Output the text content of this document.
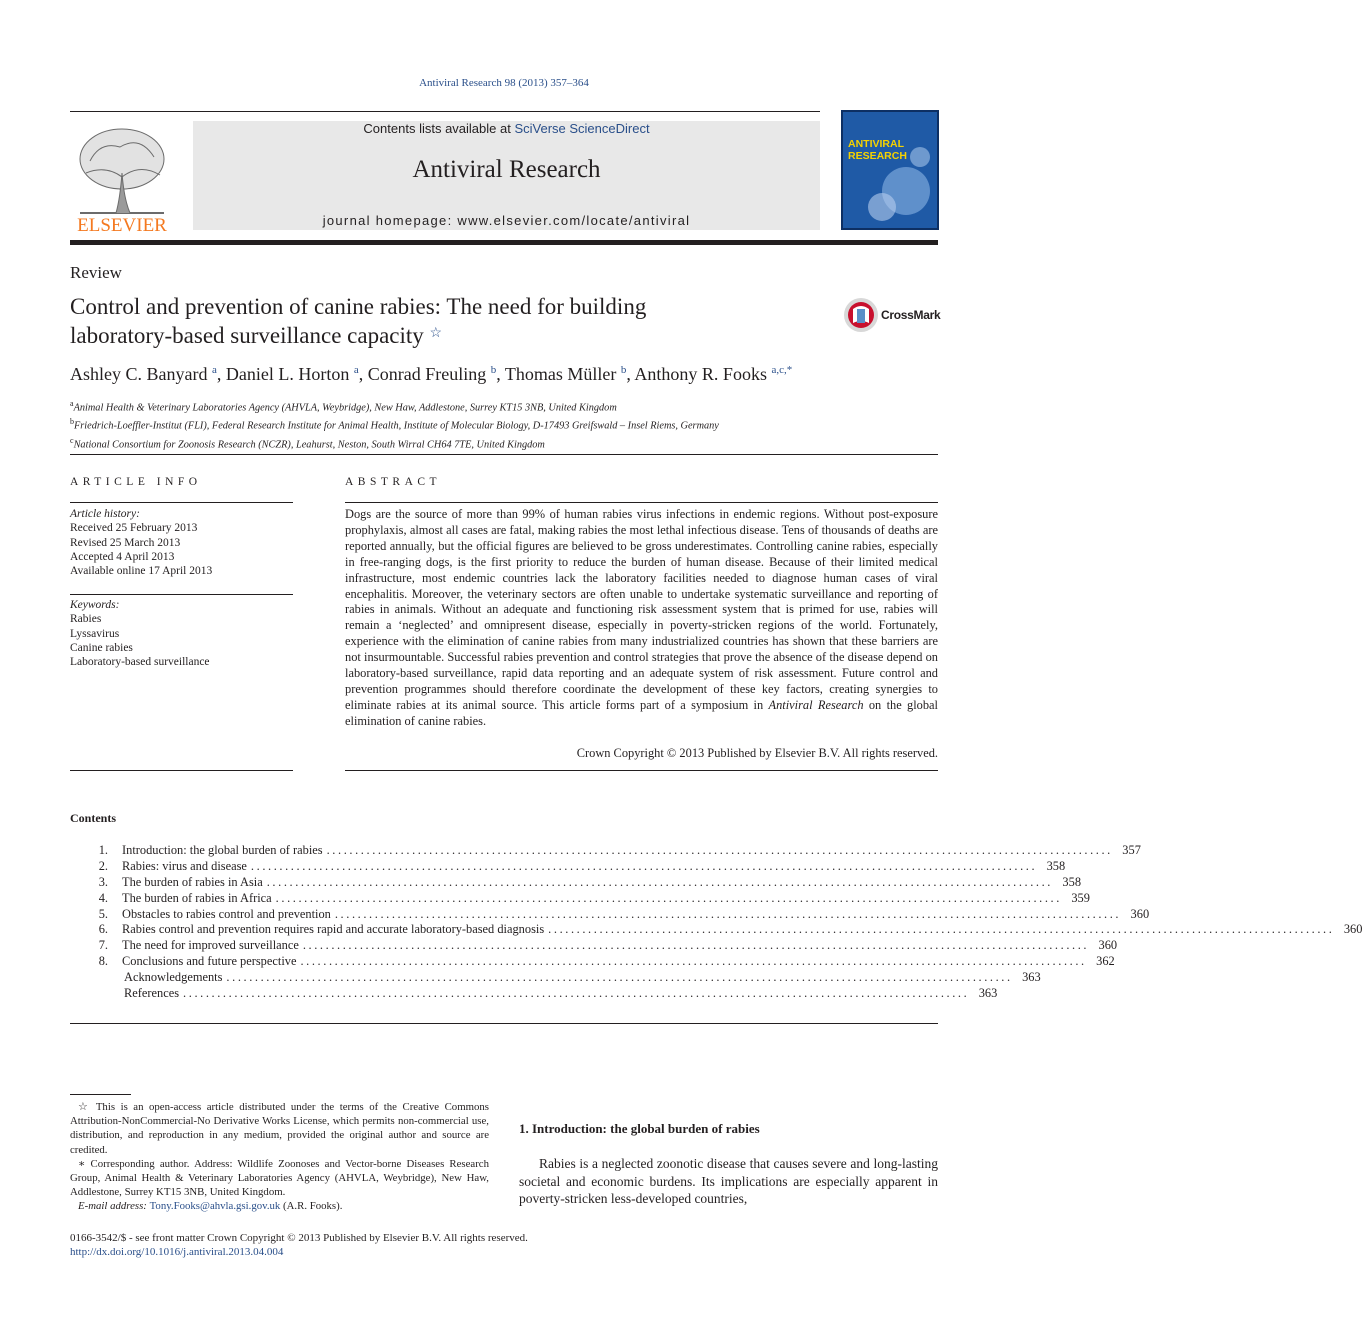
Antiviral Research 98 (2013) 357–364
ELSEVIER
Contents lists available at SciVerse ScienceDirect
Antiviral Research
journal homepage: www.elsevier.com/locate/antiviral
ANTIVIRAL
RESEARCH
Review
Control and prevention of canine rabies: The need for building
laboratory-based surveillance capacity ☆
CrossMark
Ashley C. Banyard $^a$, Daniel L. Horton $^a$, Conrad Freuling $^b$, Thomas Müller $^b$, Anthony R. Fooks $^{a,c,*}$
$^a$Animal Health & Veterinary Laboratories Agency (AHVLA, Weybridge), New Haw, Addlestone, Surrey KT15 3NB, United Kingdom
$^b$Friedrich-Loeffler-Institut (FLI), Federal Research Institute for Animal Health, Institute of Molecular Biology, D-17493 Greifswald – Insel Riems, Germany
$^c$National Consortium for Zoonosis Research (NCZR), Leahurst, Neston, South Wirral CH64 7TE, United Kingdom
ARTICLE INFO
Article history:
Received 25 February 2013
Revised 25 March 2013
Accepted 4 April 2013
Available online 17 April 2013
Keywords:
Rabies
Lyssavirus
Canine rabies
Laboratory-based surveillance
ABSTRACT
Dogs are the source of more than 99% of human rabies virus infections in endemic regions. Without post-exposure prophylaxis, almost all cases are fatal, making rabies the most lethal infectious disease. Tens of thousands of deaths are reported annually, but the official figures are believed to be gross underestimates. Controlling canine rabies, especially in free-ranging dogs, is the first priority to reduce the burden of human disease. Because of their limited medical infrastructure, most endemic countries lack the laboratory facilities needed to diagnose human cases of viral encephalitis. Moreover, the veterinary sectors are often unable to undertake systematic surveillance and reporting of rabies in animals. Without an adequate and functioning risk assessment system that is primed for use, rabies will remain a ‘neglected’ and omnipresent disease, especially in poverty-stricken regions of the world. Fortunately, experience with the elimination of canine rabies from many industrialized countries has shown that these barriers are not insurmountable. Successful rabies prevention and control strategies that prove the absence of the disease depend on laboratory-based surveillance, rapid data reporting and an adequate system of risk assessment. Future control and prevention programmes should therefore coordinate the development of these key factors, creating synergies to eliminate rabies at its animal source. This article forms part of a symposium in Antiviral Research on the global elimination of canine rabies.
Crown Copyright © 2013 Published by Elsevier B.V. All rights reserved.
Contents
1. Introduction: the global burden of rabies .......................................................................................................................................... 357
2. Rabies: virus and disease .......................................................................................................................................... 358
3. The burden of rabies in Asia .......................................................................................................................................... 358
4. The burden of rabies in Africa .......................................................................................................................................... 359
5. Obstacles to rabies control and prevention .......................................................................................................................................... 360
6. Rabies control and prevention requires rapid and accurate laboratory-based diagnosis .......................................................................................................................................... 360
7. The need for improved surveillance .......................................................................................................................................... 360
8. Conclusions and future perspective .......................................................................................................................................... 362
Acknowledgements .......................................................................................................................................... 363
References .......................................................................................................................................... 363
☆ This is an open-access article distributed under the terms of the Creative Commons Attribution-NonCommercial-No Derivative Works License, which permits non-commercial use, distribution, and reproduction in any medium, provided the original author and source are credited.
∗ Corresponding author. Address: Wildlife Zoonoses and Vector-borne Diseases Research Group, Animal Health & Veterinary Laboratories Agency (AHVLA, Weybridge), New Haw, Addlestone, Surrey KT15 3NB, United Kingdom.
E-mail address: Tony.Fooks@ahvla.gsi.gov.uk (A.R. Fooks).
1. Introduction: the global burden of rabies
Rabies is a neglected zoonotic disease that causes severe and long-lasting societal and economic burdens. Its implications are especially apparent in poverty-stricken less-developed countries,
0166-3542/$ - see front matter Crown Copyright © 2013 Published by Elsevier B.V. All rights reserved.
http://dx.doi.org/10.1016/j.antiviral.2013.04.004
